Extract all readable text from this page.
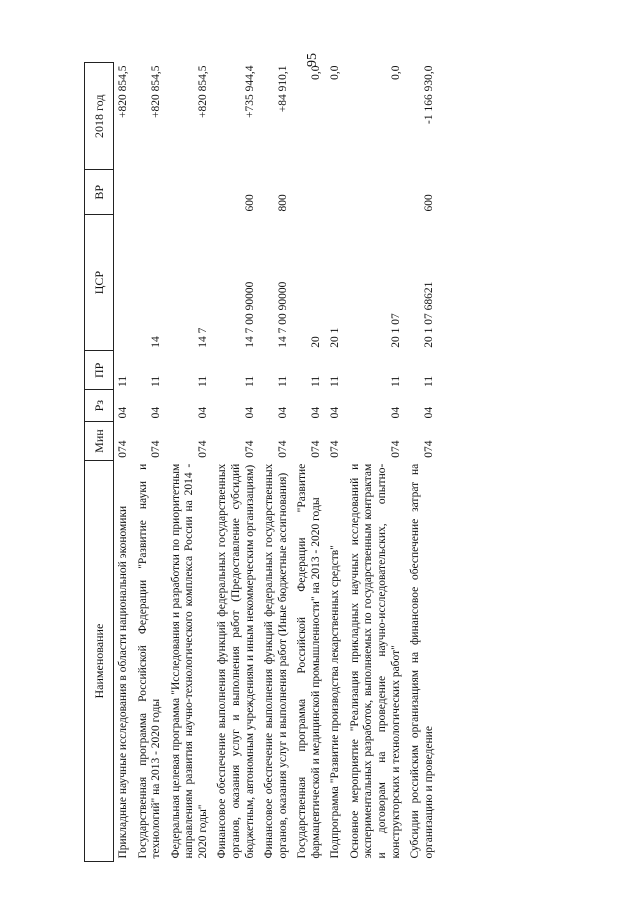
95
Наименование	Мин	Рз	ПР	ЦСР	ВР	2018 год
Прикладные научные исследования в области национальной экономики	074	04	11			+820 854,5
Государственная программа Российской Федерации "Развитие науки и технологий" на 2013 - 2020 годы	074	04	11	14		+820 854,5
Федеральная целевая программа "Исследования и разработки по приоритетным направлениям развития научно-технологического комплекса России на 2014 - 2020 годы"	074	04	11	14 7		+820 854,5
Финансовое обеспечение выполнения функций федеральных государственных органов, оказания услуг и выполнения работ (Предоставление субсидий бюджетным, автономным учреждениям и иным некоммерческим организациям)	074	04	11	14 7 00 90000	600	+735 944,4
Финансовое обеспечение выполнения функций федеральных государственных органов, оказания услуг и выполнения работ (Иные бюджетные ассигнования)	074	04	11	14 7 00 90000	800	+84 910,1
Государственная программа Российской Федерации "Развитие фармацевтической и медицинской промышленности" на 2013 - 2020 годы	074	04	11	20		0,0
Подпрограмма "Развитие производства лекарственных средств"	074	04	11	20 1		0,0
Основное мероприятие "Реализация прикладных научных исследований и экспериментальных разработок, выполняемых по государственным контрактам и договорам на проведение научно-исследовательских, опытно-конструкторских и технологических работ"	074	04	11	20 1 07		0,0
Субсидии российским организациям на финансовое обеспечение затрат на организацию и проведение	074	04	11	20 1 07 68621	600	-1 166 930,0
